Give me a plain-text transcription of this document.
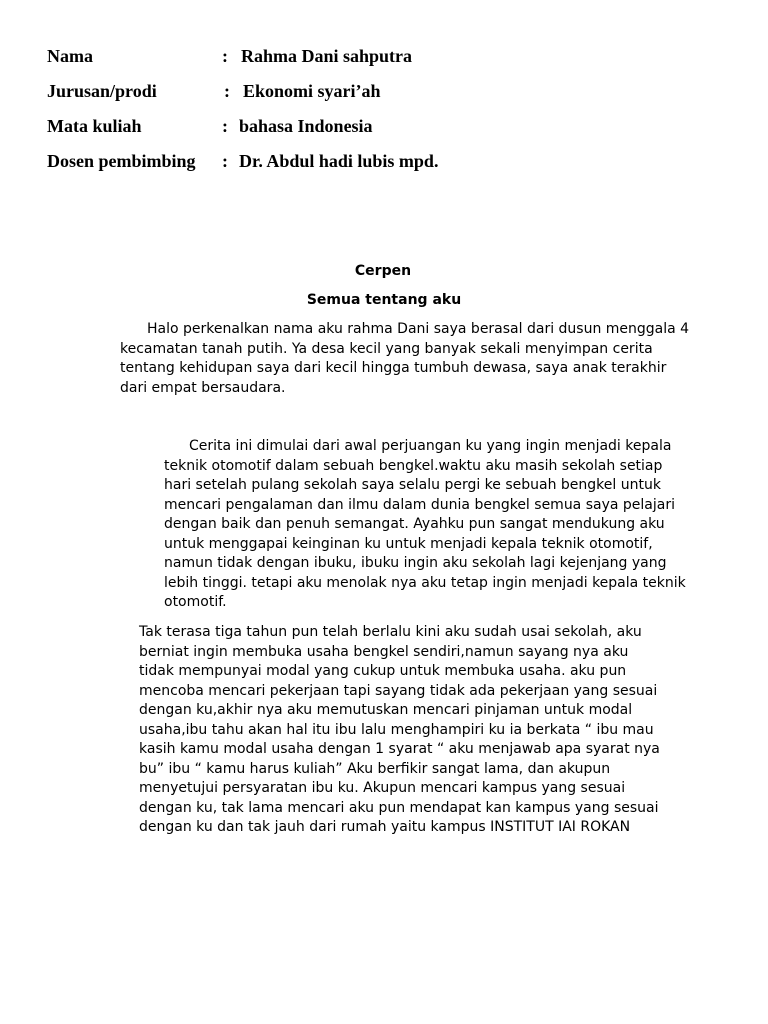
Nama	: Rahma Dani sahputra
Jurusan/prodi	: Ekonomi syari’ah
Mata kuliah	: bahasa Indonesia
Dosen pembimbing : Dr. Abdul hadi lubis mpd.
Cerpen
Semua tentang aku
Halo perkenalkan nama aku rahma Dani saya berasal dari dusun menggala 4
kecamatan tanah putih. Ya desa kecil yang banyak sekali menyimpan cerita
tentang kehidupan saya dari kecil hingga tumbuh dewasa, saya anak terakhir
dari empat bersaudara.
Cerita ini dimulai dari awal perjuangan ku yang ingin menjadi kepala
teknik otomotif dalam sebuah bengkel.waktu aku masih sekolah setiap
hari setelah pulang sekolah saya selalu pergi ke sebuah bengkel untuk
mencari pengalaman dan ilmu dalam dunia bengkel semua saya pelajari
dengan baik dan penuh semangat. Ayahku pun sangat mendukung aku
untuk menggapai keinginan ku untuk menjadi kepala teknik otomotif,
namun tidak dengan ibuku, ibuku ingin aku sekolah lagi kejenjang yang
lebih tinggi. tetapi aku menolak nya aku tetap ingin menjadi kepala teknik
otomotif.
Tak terasa tiga tahun pun telah berlalu kini aku sudah usai sekolah, aku
berniat ingin membuka usaha bengkel sendiri,namun sayang nya aku
tidak mempunyai modal yang cukup untuk membuka usaha. aku pun
mencoba mencari pekerjaan tapi sayang tidak ada pekerjaan yang sesuai
dengan ku,akhir nya aku memutuskan mencari pinjaman untuk modal
usaha,ibu tahu akan hal itu ibu lalu menghampiri ku ia berkata “ ibu mau
kasih kamu modal usaha dengan 1 syarat “ aku menjawab apa syarat nya
bu” ibu “ kamu harus kuliah” Aku berfikir sangat lama, dan akupun
menyetujui persyaratan ibu ku. Akupun mencari kampus yang sesuai
dengan ku, tak lama mencari aku pun mendapat kan kampus yang sesuai
dengan ku dan tak jauh dari rumah yaitu kampus INSTITUT IAI ROKAN
